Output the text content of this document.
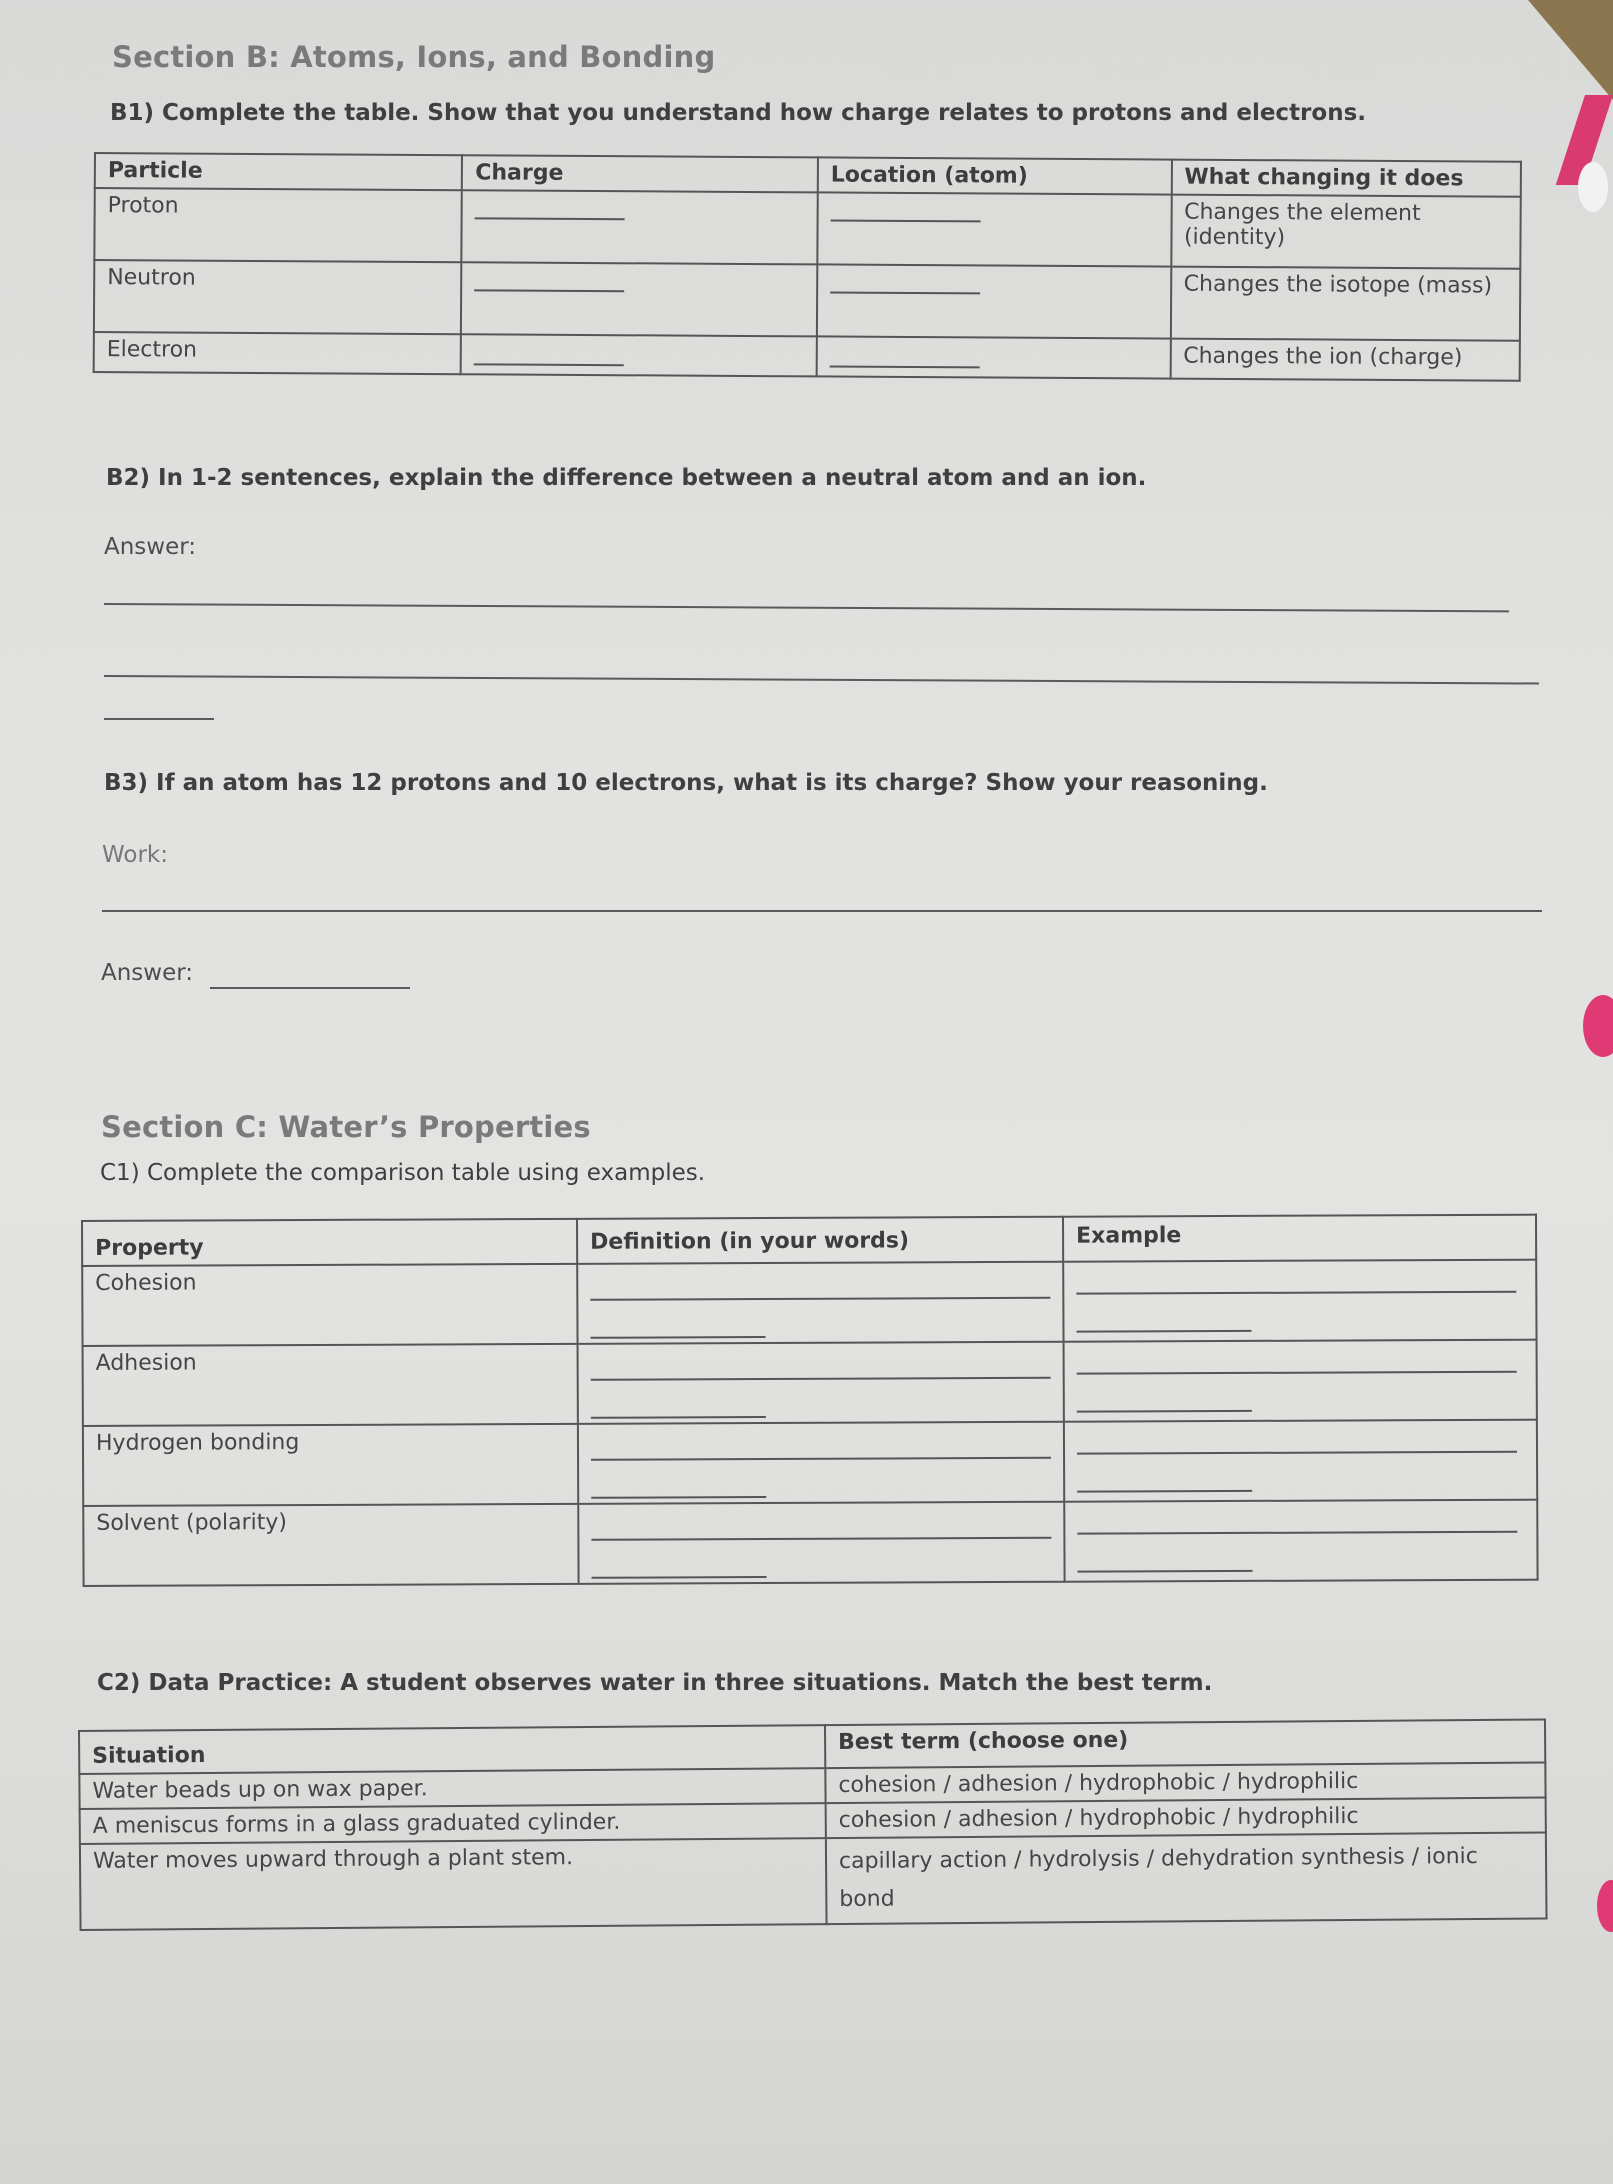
Section B: Atoms, Ions, and Bonding
B1) Complete the table. Show that you understand how charge relates to protons and electrons.
Particle	Charge	Location (atom)	What changing it does
Proton			Changes the element (identity)
Neutron			Changes the isotope (mass)
Electron			Changes the ion (charge)
B2) In 1-2 sentences, explain the difference between a neutral atom and an ion.
Answer:
B3) If an atom has 12 protons and 10 electrons, what is its charge? Show your reasoning.
Work:
Answer:
Section C: Water’s Properties
C1) Complete the comparison table using examples.
Property	Definition (in your words)	Example
Cohesion	

Adhesion	

Hydrogen bonding	

Solvent (polarity)	

C2) Data Practice: A student observes water in three situations. Match the best term.
Situation	Best term (choose one)
Water beads up on wax paper.	cohesion / adhesion / hydrophobic / hydrophilic
A meniscus forms in a glass graduated cylinder.	cohesion / adhesion / hydrophobic / hydrophilic
Water moves upward through a plant stem.	capillary action / hydrolysis / dehydration synthesis / ionic bond
